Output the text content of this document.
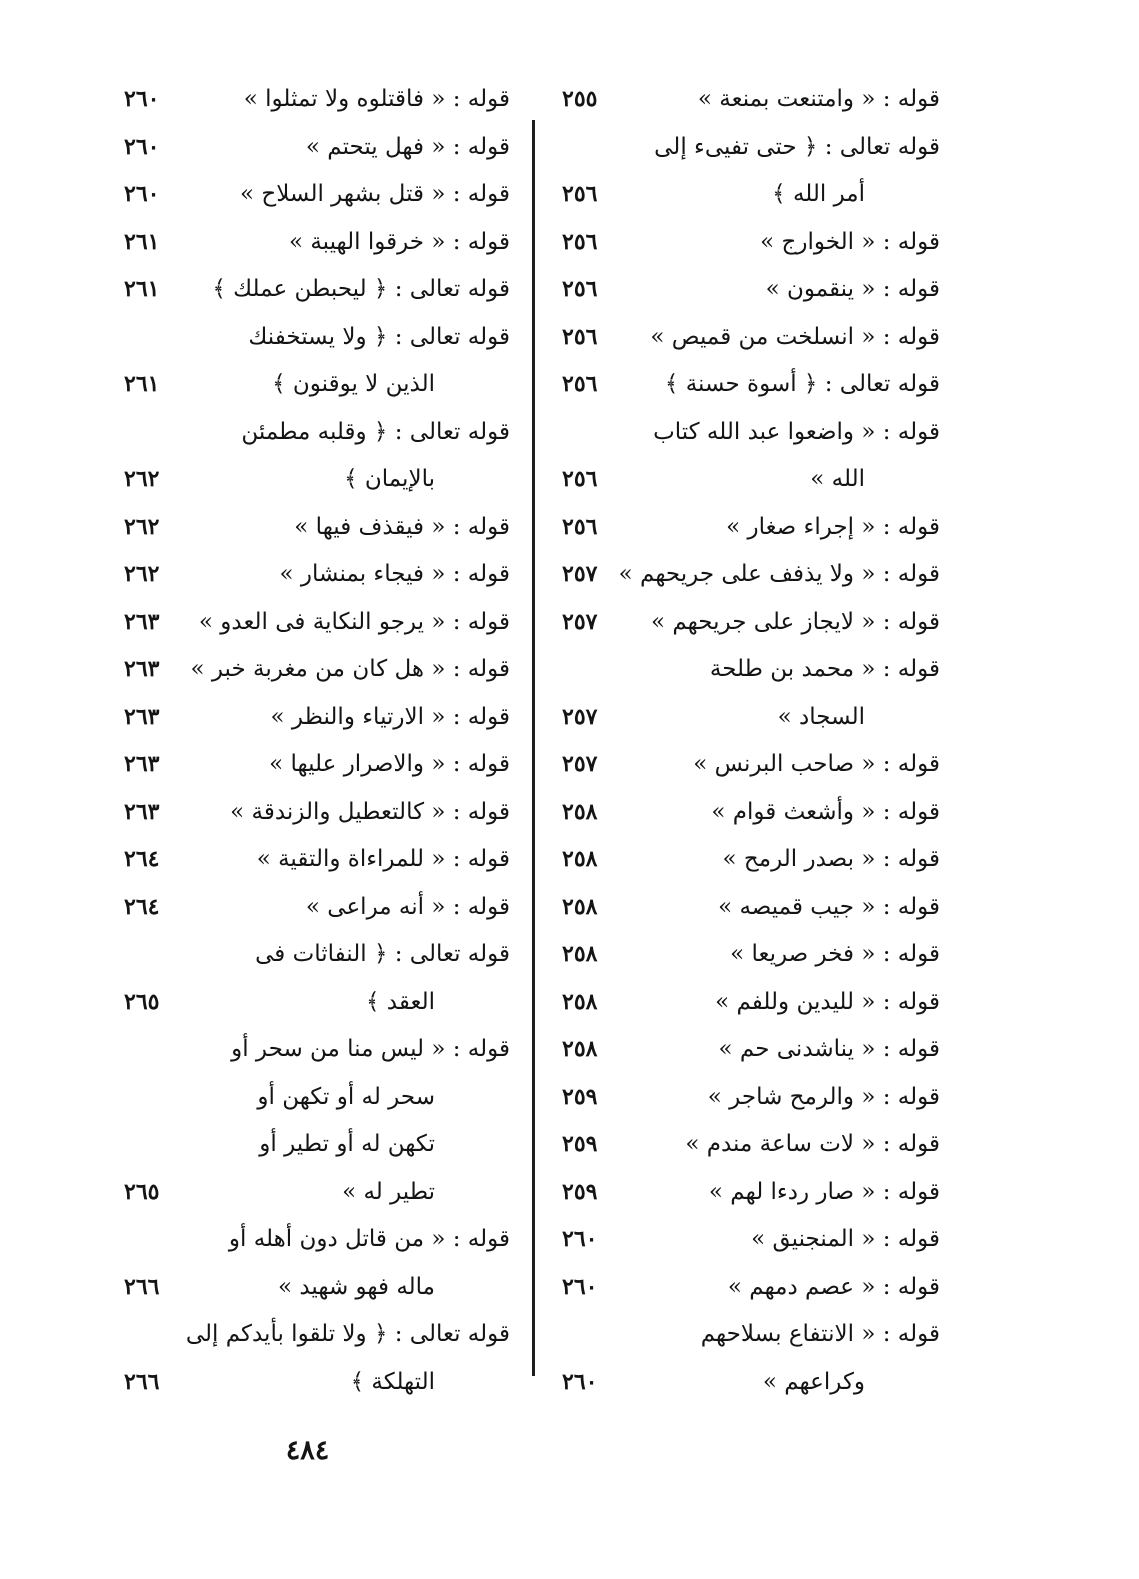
قوله : « وامتنعت بمنعة »
٢٥٥
قوله تعالى : ﴿ حتى تفيىء إلى
أمر الله ﴾
٢٥٦
قوله : « الخوارج »
٢٥٦
قوله : « ينقمون »
٢٥٦
قوله : « انسلخت من قميص »
٢٥٦
قوله تعالى : ﴿ أسوة حسنة ﴾
٢٥٦
قوله : « واضعوا عبد الله كتاب
الله »
٢٥٦
قوله : « إجراء صغار »
٢٥٦
قوله : « ولا يذفف على جريحهم »
٢٥٧
قوله : « لايجاز على جريحهم »
٢٥٧
قوله : « محمد بن طلحة
السجاد »
٢٥٧
قوله : « صاحب البرنس »
٢٥٧
قوله : « وأشعث قوام »
٢٥٨
قوله : « بصدر الرمح »
٢٥٨
قوله : « جيب قميصه »
٢٥٨
قوله : « فخر صريعا »
٢٥٨
قوله : « لليدين وللفم »
٢٥٨
قوله : « يناشدنى حم »
٢٥٨
قوله : « والرمح شاجر »
٢٥٩
قوله : « لات ساعة مندم »
٢٥٩
قوله : « صار ردءا لهم »
٢٥٩
قوله : « المنجنيق »
٢٦٠
قوله : « عصم دمهم »
٢٦٠
قوله : « الانتفاع بسلاحهم
وكراعهم »
٢٦٠
قوله : « فاقتلوه ولا تمثلوا »
٢٦٠
قوله : « فهل يتحتم »
٢٦٠
قوله : « قتل بشهر السلاح »
٢٦٠
قوله : « خرقوا الهيبة »
٢٦١
قوله تعالى : ﴿ ليحبطن عملك ﴾
٢٦١
قوله تعالى : ﴿ ولا يستخفنك
الذين لا يوقنون ﴾
٢٦١
قوله تعالى : ﴿ وقلبه مطمئن
بالإيمان ﴾
٢٦٢
قوله : « فيقذف فيها »
٢٦٢
قوله : « فيجاء بمنشار »
٢٦٢
قوله : « يرجو النكاية فى العدو »
٢٦٣
قوله : « هل كان من مغربة خبر »
٢٦٣
قوله : « الارتياء والنظر »
٢٦٣
قوله : « والاصرار عليها »
٢٦٣
قوله : « كالتعطيل والزندقة »
٢٦٣
قوله : « للمراءاة والتقية »
٢٦٤
قوله : « أنه مراعى »
٢٦٤
قوله تعالى : ﴿ النفاثات فى
العقد ﴾
٢٦٥
قوله : « ليس منا من سحر أو
سحر له أو تكهن أو
تكهن له أو تطير أو
تطير له »
٢٦٥
قوله : « من قاتل دون أهله أو
ماله فهو شهيد »
٢٦٦
قوله تعالى : ﴿ ولا تلقوا بأيدكم إلى
التهلكة ﴾
٢٦٦
٤٨٤
